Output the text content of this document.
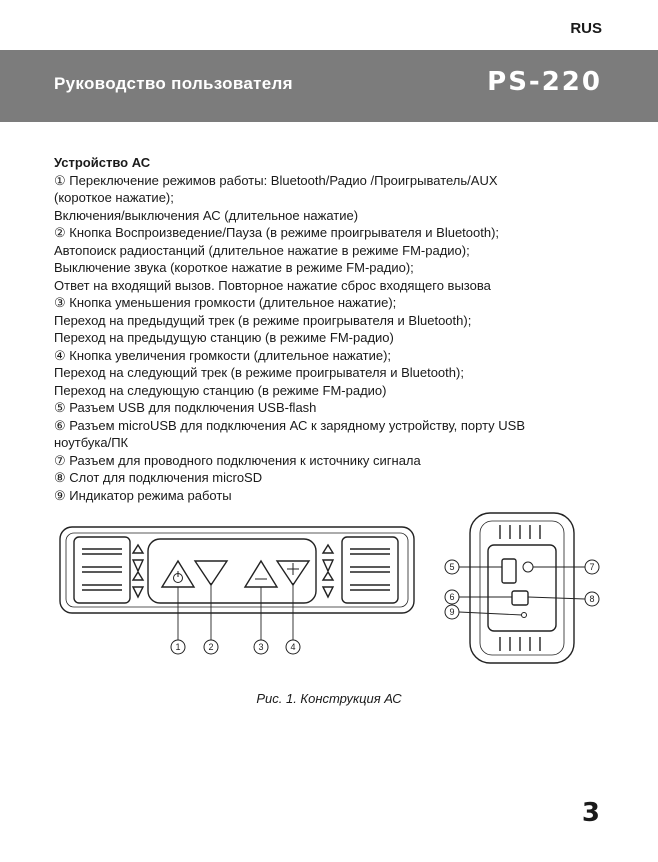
RUS
Руководство пользователя	PS-220
Устройство АС
① Переключение режимов работы: Bluetooth/Радио /Проигрыватель/AUX
(короткое нажатие);
Включения/выключения АС (длительное нажатие)
② Кнопка Воспроизведение/Пауза (в режиме проигрывателя и Bluetooth);
Автопоиск радиостанций (длительное нажатие в режиме FM-радио);
Выключение звука (короткое нажатие в режиме FM-радио);
Ответ на входящий вызов. Повторное нажатие сброс входящего вызова
③ Кнопка уменьшения громкости (длительное нажатие);
Переход на предыдущий трек (в режиме проигрывателя и Bluetooth);
Переход на предыдущую станцию (в режиме FM-радио)
④ Кнопка увеличения громкости (длительное нажатие);
Переход на следующий трек (в режиме проигрывателя и Bluetooth);
Переход на следующую станцию (в режиме FM-радио)
⑤ Разъем USB для подключения USB-flash
⑥ Разъем microUSB для подключения АС к зарядному устройству, порту USB
ноутбука/ПК
⑦ Разъем для проводного подключения к источнику сигнала
⑧ Слот для подключения microSD
⑨ Индикатор режима работы
1	2	3	4
5
6
7
8
9
Рис. 1. Конструкция АС
3
